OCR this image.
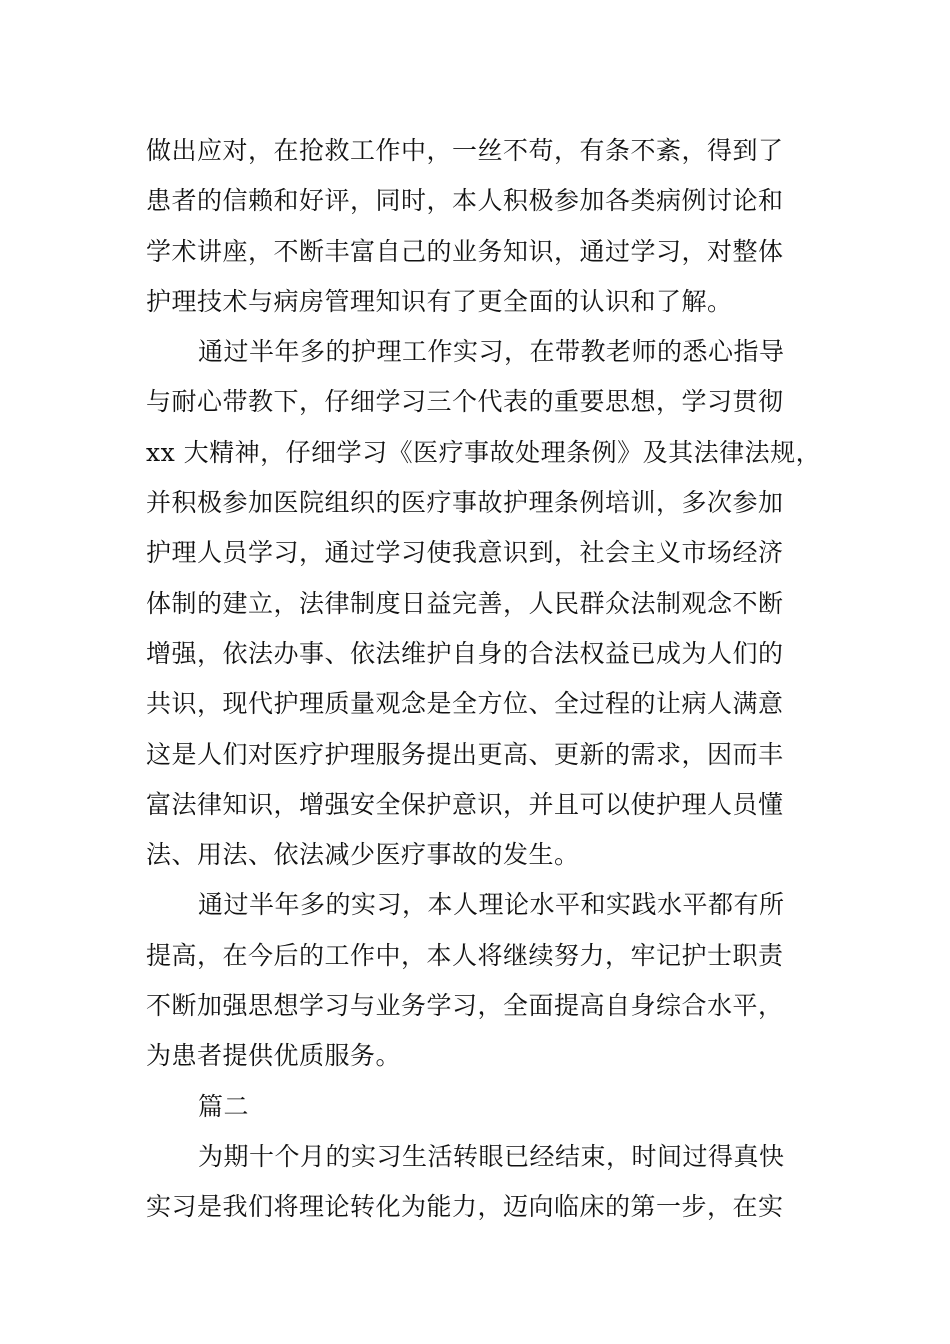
做出应对，在抢救工作中，一丝不苟，有条不紊，得到了
患者的信赖和好评，同时，本人积极参加各类病例讨论和
学术讲座，不断丰富自己的业务知识，通过学习，对整体
护理技术与病房管理知识有了更全面的认识和了解。
通过半年多的护理工作实习，在带教老师的悉心指导
与耐心带教下，仔细学习三个代表的重要思想，学习贯彻
xx 大精神，仔细学习《医疗事故处理条例》及其法律法规，
并积极参加医院组织的医疗事故护理条例培训，多次参加
护理人员学习，通过学习使我意识到，社会主义市场经济
体制的建立，法律制度日益完善，人民群众法制观念不断
增强，依法办事、依法维护自身的合法权益已成为人们的
共识，现代护理质量观念是全方位、全过程的让病人满意
这是人们对医疗护理服务提出更高、更新的需求，因而丰
富法律知识，增强安全保护意识，并且可以使护理人员懂
法、用法、依法减少医疗事故的发生。
通过半年多的实习，本人理论水平和实践水平都有所
提高，在今后的工作中，本人将继续努力，牢记护士职责
不断加强思想学习与业务学习，全面提高自身综合水平，
为患者提供优质服务。
篇二
为期十个月的实习生活转眼已经结束，时间过得真快
实习是我们将理论转化为能力，迈向临床的第一步，在实
